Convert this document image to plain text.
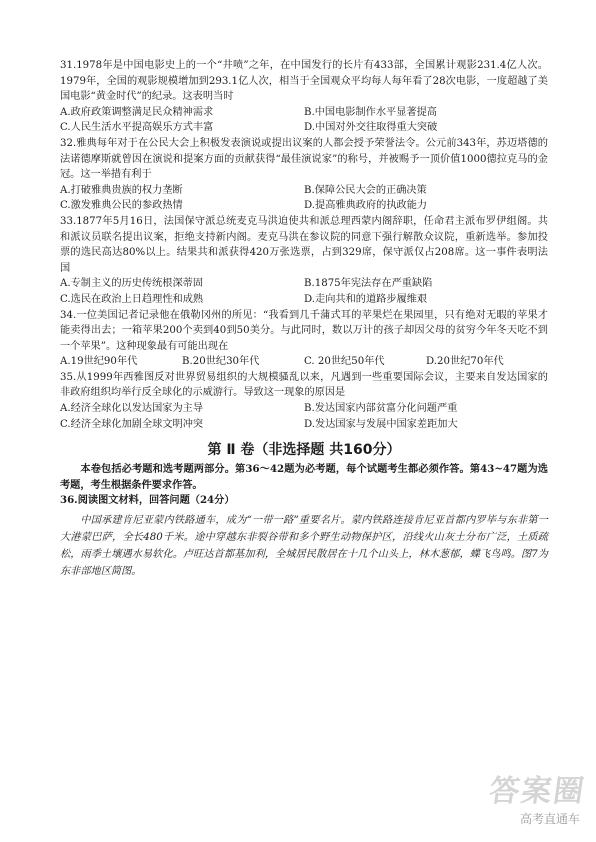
31.1978年是中国电影史上的一个“井喷”之年，在中国发行的长片有433部，全国累计观影231.4亿人次。1979年，全国的观影规模增加到293.1亿人次，相当于全国观众平均每人每年看了28次电影，一度超越了美国电影“黄金时代”的纪录。这表明当时

A.政府政策调整满足民众精神需求	B.中国电影制作水平显著提高
C.人民生活水平提高娱乐方式丰富	D.中国对外交往取得重大突破

32.雅典每年对于在公民大会上积极发表演说或提出议案的人都会授予荣誉法令。公元前343年，苏迈塔德的法诺德摩斯就曾因在演说和提案方面的贡献获得“最佳演说家”的称号，并被赐予一顶价值1000德拉克马的金冠。这一举措有利于

A.打破雅典贵族的权力垄断	B.保障公民大会的正确决策
C.激发雅典公民的参政热情	D.提高雅典政府的执政能力

33.1877年5月16日，法国保守派总统麦克马洪迫使共和派总理西蒙内阁辞职，任命君主派布罗伊组阁。共和派议员联名提出议案，拒绝支持新内阁。麦克马洪在参议院的同意下强行解散众议院，重新选举。参加投票的选民高达80%以上。结果共和派获得420万张选票，占到329席，保守派仅占208席。这一事件表明法国

A.专制主义的历史传统根深蒂固	B.1875年宪法存在严重缺陷
C.选民在政治上日趋理性和成熟	D.走向共和的道路步履维艰

34.一位美国记者记录他在俄勒冈州的所见：“我看到几千蒲式耳的苹果烂在果园里，只有绝对无暇的苹果才能卖得出去；一箱苹果200个卖到40到50美分。与此同时，数以万计的孩子却因父母的贫穷今年冬天吃不到一个苹果”。这种现象最有可能出现在

A.19世纪90年代	B.20世纪30年代	C. 20世纪50年代	D.20世纪70年代

35.从1999年西雅图反对世界贸易组织的大规模骚乱以来，凡遇到一些重要国际会议，主要来自发达国家的非政府组织均举行反全球化的示威游行。导致这一现象的原因是

A.经济全球化以发达国家为主导	B.发达国家内部贫富分化问题严重
C.经济全球化加剧全球文明冲突	D.发达国家与发展中国家差距加大
第 Ⅱ 卷（非选择题 共160分）

本卷包括必考题和选考题两部分。第36～42题为必考题，每个试题考生都必须作答。第43~47题为选考题，考生根据条件要求作答。

36.阅读图文材料，回答问题（24分）

中国承建肯尼亚蒙内铁路通车，成为“一带一路”重要名片。蒙内铁路连接肯尼亚首都内罗毕与东非第一大港蒙巴萨，全长480千米。途中穿越东非裂谷带和多个野生动物保护区，沿线火山灰土分布广泛，土质疏松，雨季土壤遇水易软化。卢旺达首都基加利，全城居民散居在十几个山头上，林木葱郁，蝶飞鸟鸣。图7为东非部地区简图。

答案圈
高考直通车
